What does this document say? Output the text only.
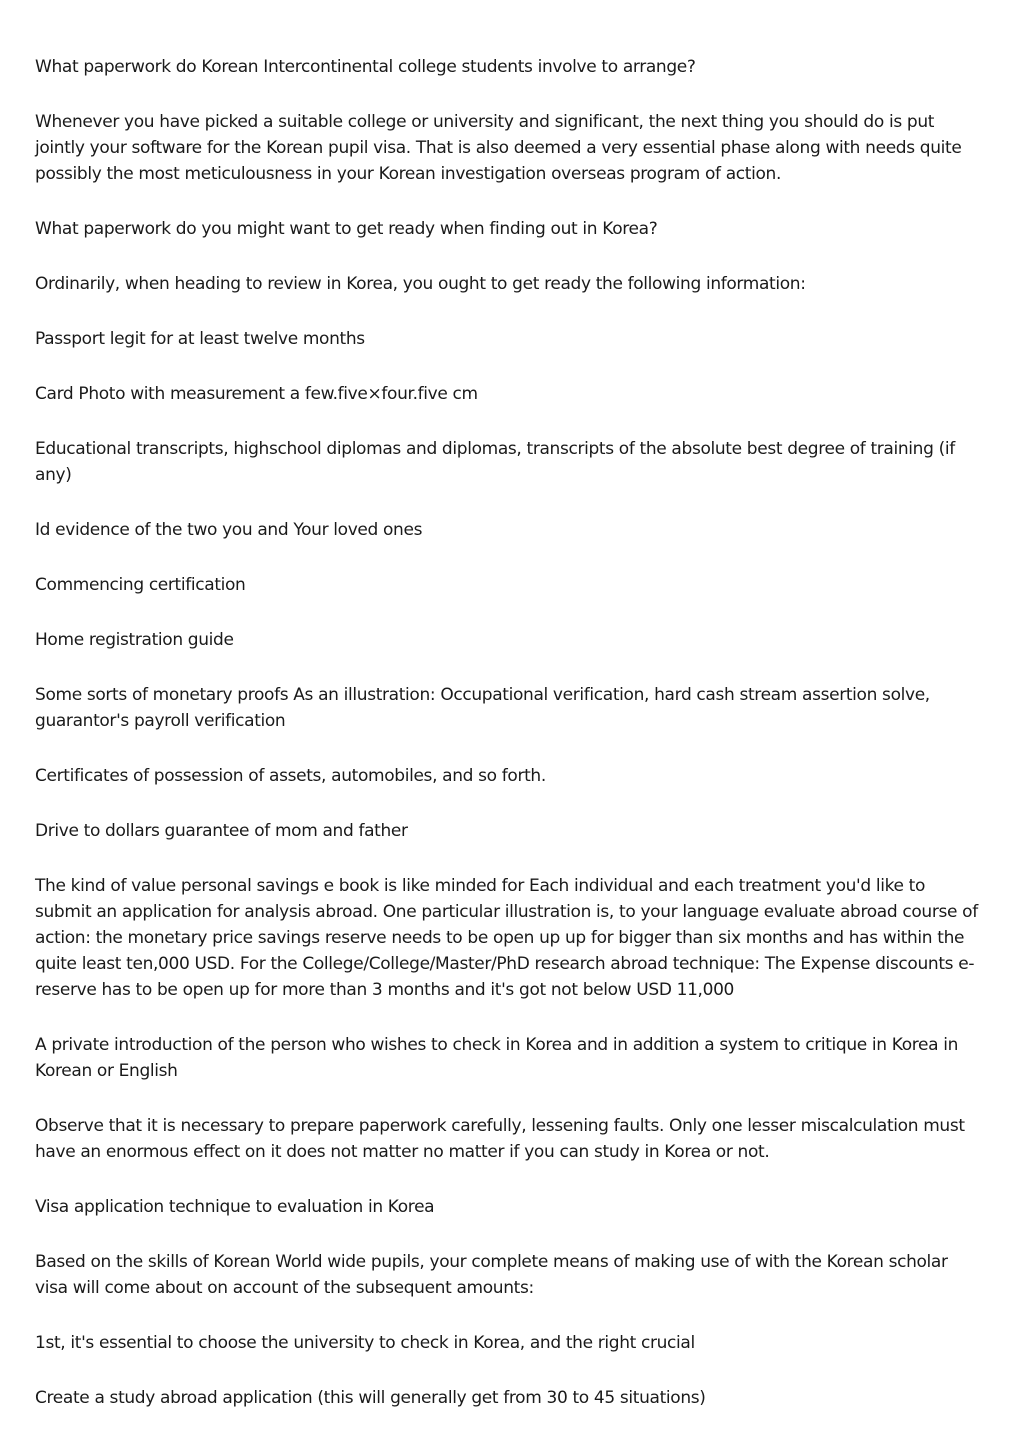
What paperwork do Korean Intercontinental college students involve to arrange?

Whenever you have picked a suitable college or university and significant, the next thing you should do is put jointly your software for the Korean pupil visa. That is also deemed a very essential phase along with needs quite possibly the most meticulousness in your Korean investigation overseas program of action.

What paperwork do you might want to get ready when finding out in Korea?

Ordinarily, when heading to review in Korea, you ought to get ready the following information:

Passport legit for at least twelve months

Card Photo with measurement a few.five×four.five cm

Educational transcripts, highschool diplomas and diplomas, transcripts of the absolute best degree of training (if any)

Id evidence of the two you and Your loved ones

Commencing certification

Home registration guide

Some sorts of monetary proofs As an illustration: Occupational verification, hard cash stream assertion solve, guarantor's payroll verification

Certificates of possession of assets, automobiles, and so forth.

Drive to dollars guarantee of mom and father

The kind of value personal savings e book is like minded for Each individual and each treatment you'd like to submit an application for analysis abroad. One particular illustration is, to your language evaluate abroad course of action: the monetary price savings reserve needs to be open up up for bigger than six months and has within the quite least ten,000 USD. For the College/College/Master/PhD research abroad technique: The Expense discounts e-reserve has to be open up for more than 3 months and it's got not below USD 11,000

A private introduction of the person who wishes to check in Korea and in addition a system to critique in Korea in Korean or English

Observe that it is necessary to prepare paperwork carefully, lessening faults. Only one lesser miscalculation must have an enormous effect on it does not matter no matter if you can study in Korea or not.

Visa application technique to evaluation in Korea

Based on the skills of Korean World wide pupils, your complete means of making use of with the Korean scholar visa will come about on account of the subsequent amounts:

1st, it's essential to choose the university to check in Korea, and the right crucial

Create a study abroad application (this will generally get from 30 to 45 situations)
